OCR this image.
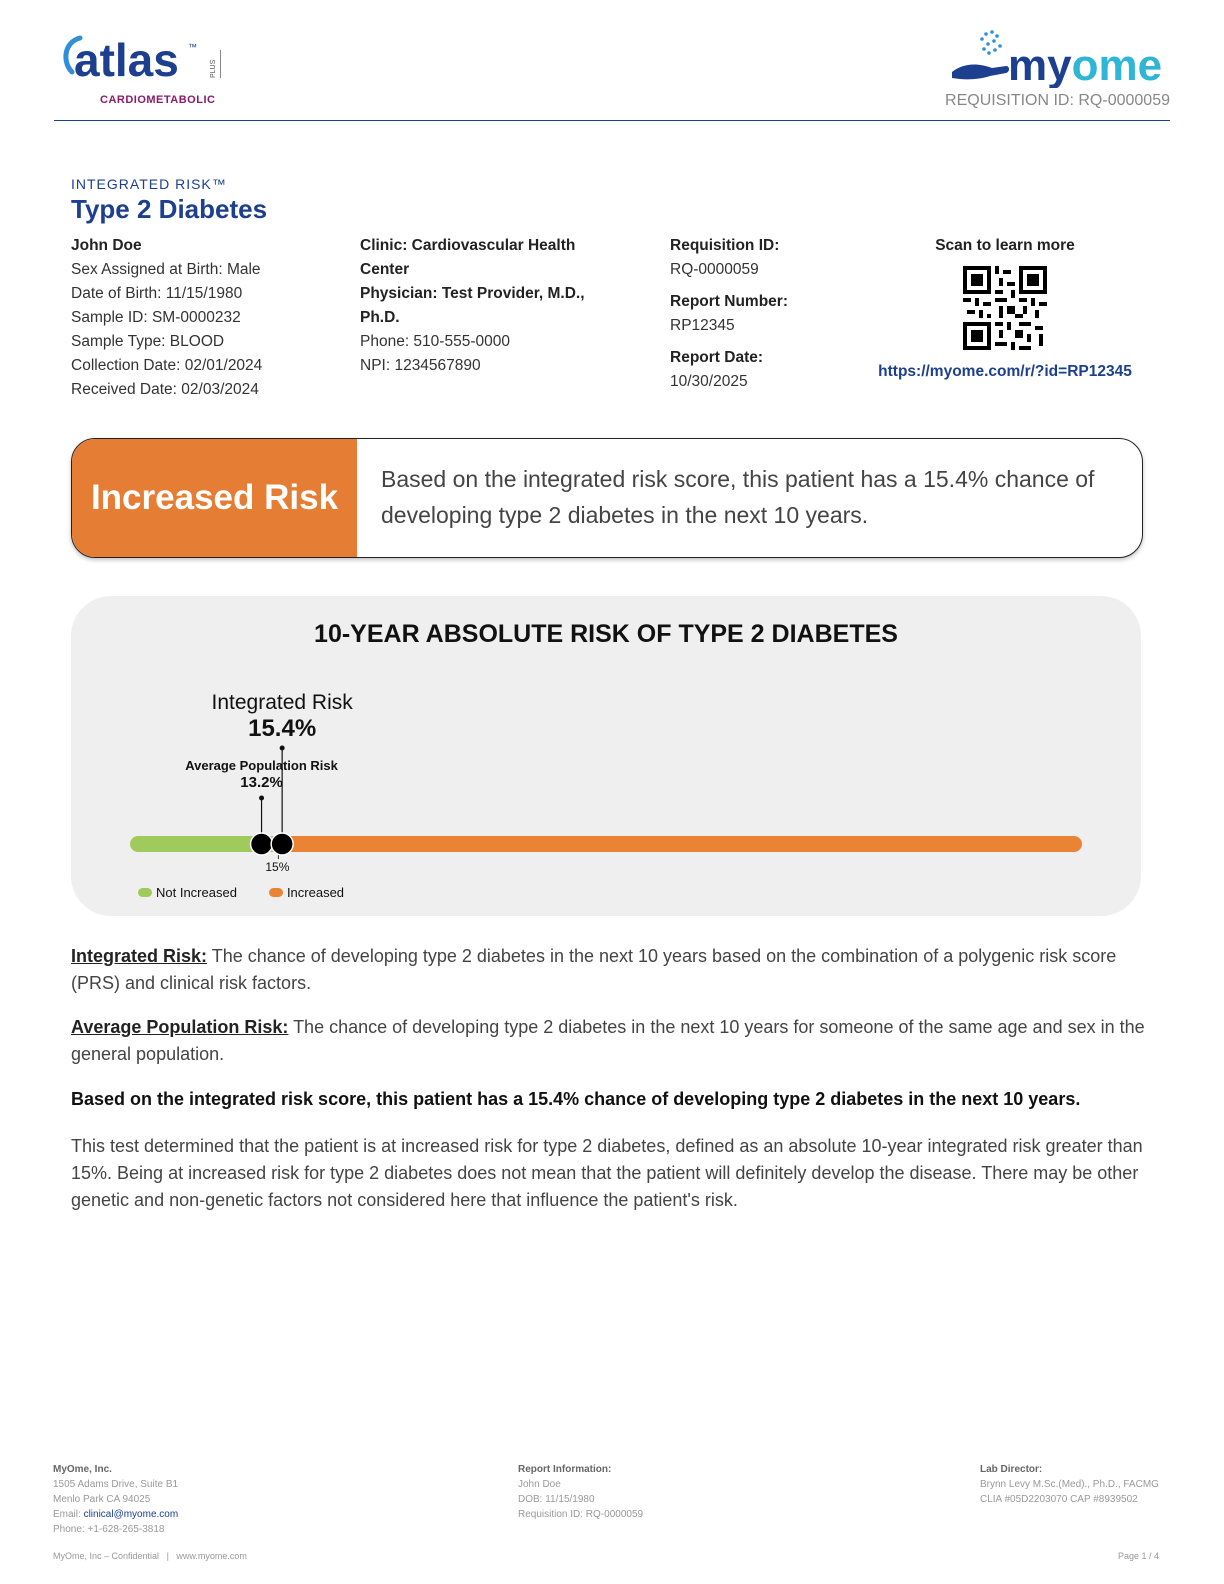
atlas ™
PLUS
CARDIOMETABOLIC
myome
REQUISITION ID: RQ-0000059
INTEGRATED RISK™
Type 2 Diabetes
John Doe
Sex Assigned at Birth: Male
Date of Birth: 11/15/1980
Sample ID: SM-0000232
Sample Type: BLOOD
Collection Date: 02/01/2024
Received Date: 02/03/2024
Clinic: Cardiovascular Health Center
Physician: Test Provider, M.D., Ph.D.
Phone: 510-555-0000
NPI: 1234567890
Requisition ID:
RQ-0000059
Report Number:
RP12345
Report Date:
10/30/2025
Scan to learn more
https://myome.com/r/?id=RP12345
Increased Risk Based on the integrated risk score, this patient has a 15.4% chance of developing type 2 diabetes in the next 10 years.
10-YEAR ABSOLUTE RISK OF TYPE 2 DIABETES
15%
Average Population Risk
13.2%
Integrated Risk
15.4%
Not Increased	Increased
Integrated Risk: The chance of developing type 2 diabetes in the next 10 years based on the combination of a polygenic risk score (PRS) and clinical risk factors.
Average Population Risk: The chance of developing type 2 diabetes in the next 10 years for someone of the same age and sex in the general population.
Based on the integrated risk score, this patient has a 15.4% chance of developing type 2 diabetes in the next 10 years.
This test determined that the patient is at increased risk for type 2 diabetes, defined as an absolute 10-year integrated risk greater than 15%. Being at increased risk for type 2 diabetes does not mean that the patient will definitely develop the disease. There may be other genetic and non-genetic factors not considered here that influence the patient's risk.
MyOme, Inc.
1505 Adams Drive, Suite B1
Menlo Park CA 94025
Email: clinical@myome.com
Phone: +1-628-265-3818
Report Information:
John Doe
DOB: 11/15/1980
Requisition ID: RQ-0000059
Lab Director:
Brynn Levy M.Sc.(Med)., Ph.D., FACMG
CLIA #05D2203070 CAP #8939502
MyOme, Inc – Confidential | www.myome.com	Page 1 / 4
